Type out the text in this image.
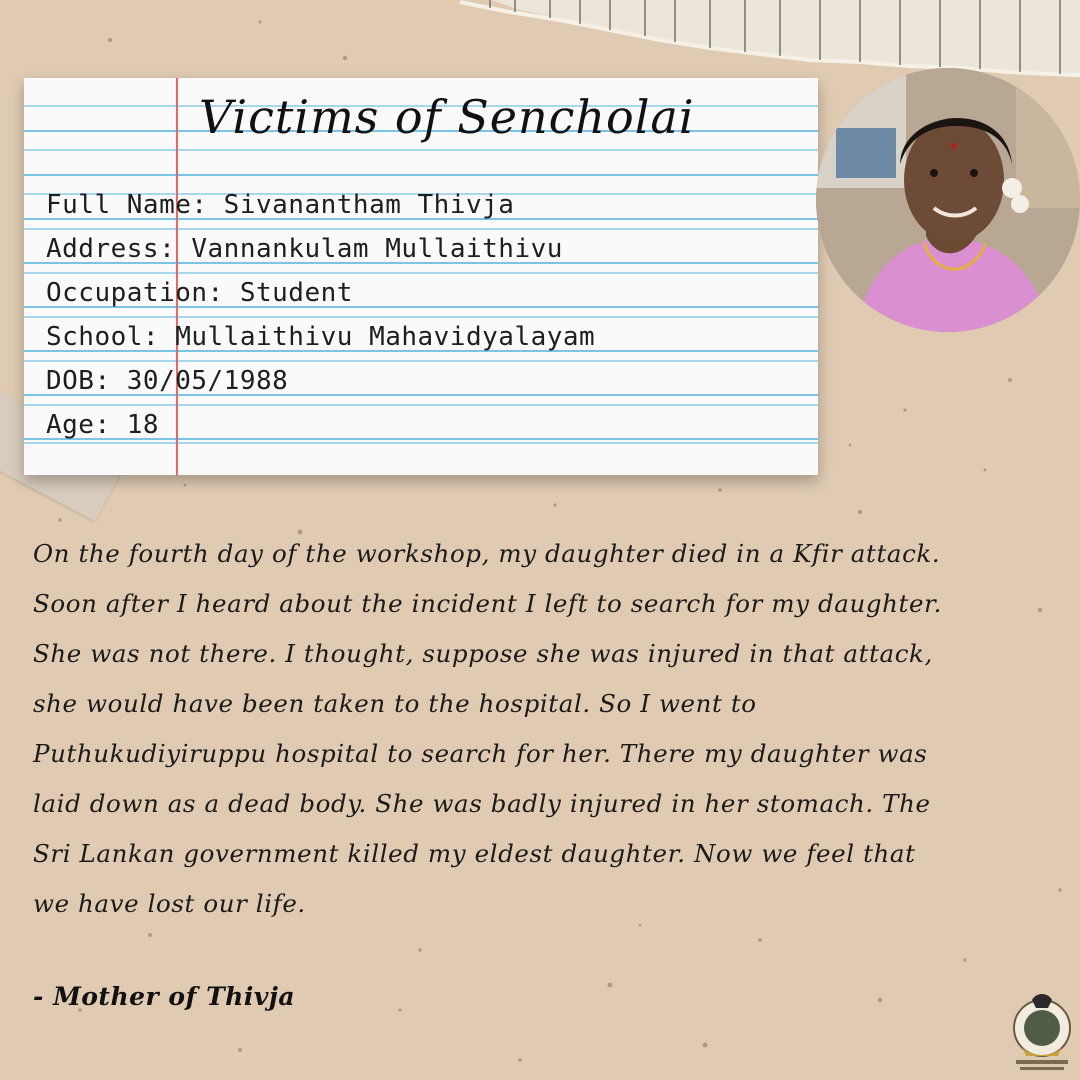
Victims of Sencholai
Full Name: Sivanantham Thivja
Address: Vannankulam Mullaithivu
Occupation: Student
School: Mullaithivu Mahavidyalayam
DOB: 30/05/1988
Age: 18
On the fourth day of the workshop, my daughter died in a Kfir attack.
Soon after I heard about the incident I left to search for my daughter.
She was not there. I thought, suppose she was injured in that attack,
she would have been taken to the hospital. So I went to
Puthukudiyiruppu hospital to search for her. There my daughter was
laid down as a dead body. She was badly injured in her stomach. The
Sri Lankan government killed my eldest daughter. Now we feel that
we have lost our life.
- Mother of Thivja
